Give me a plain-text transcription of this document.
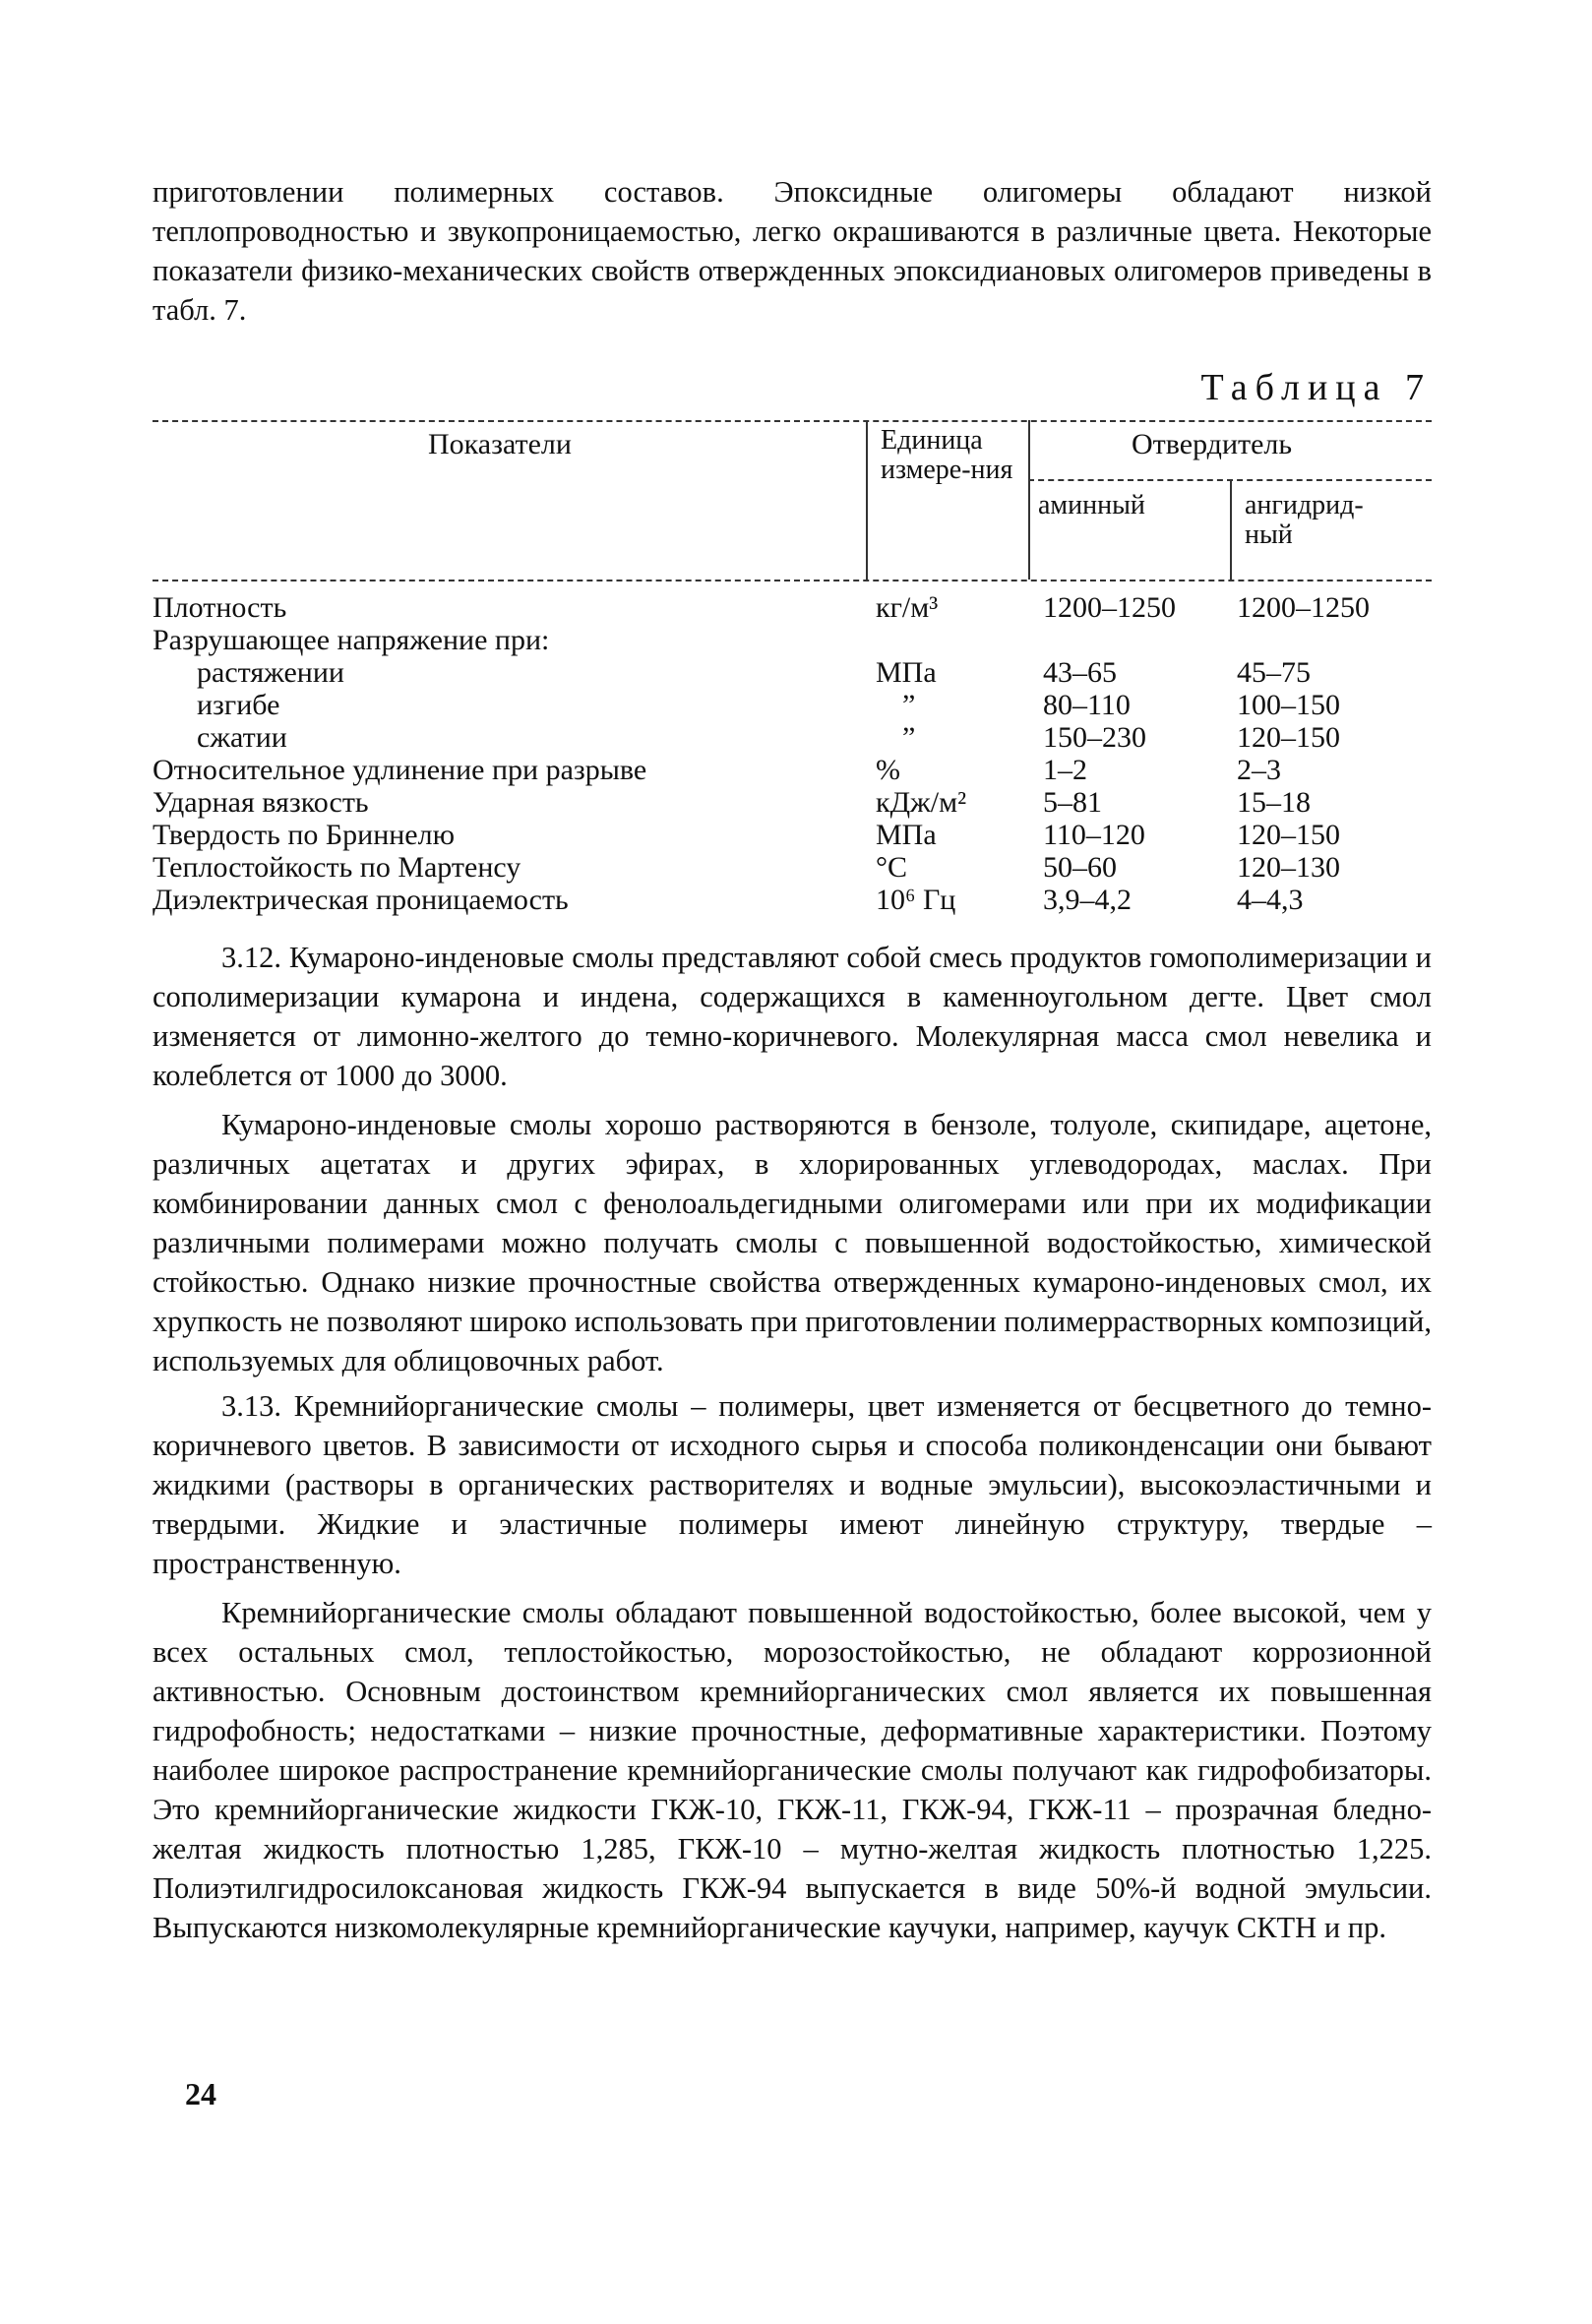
приготовлении полимерных составов. Эпоксидные олигомеры обладают низкой теплопроводностью и звукопроницаемостью, легко окрашиваются в различные цвета. Некоторые показатели физико-механических свойств отвержденных эпоксидиановых олигомеров приведены в табл. 7.

Таблица 7
Показатели	Единица измере-ния
Отвердитель
аминный	ангидрид-ный
Плотность	кг/м³	1200–1250 1200–1250
Разрушающее напряжение при:
растяжении	МПа	43–65	45–75
изгибе	”	80–110	100–150
сжатии	”	150–230	120–150
Относительное удлинение при разрыве	%	1–2	2–3
Ударная вязкость	кДж/м²	5–81	15–18
Твердость по Бриннелю	МПа	110–120	120–150
Теплостойкость по Мартенсу	°С	50–60	120–130
Диэлектрическая проницаемость	10⁶ Гц	3,9–4,2	4–4,3

3.12. Кумароно-инденовые смолы представляют собой смесь продуктов гомополимеризации и сополимеризации кумарона и индена, содержащихся в каменноугольном дегте. Цвет смол изменяется от лимонно-желтого до темно-коричневого. Молекулярная масса смол невелика и колеблется от 1000 до 3000.

Кумароно-инденовые смолы хорошо растворяются в бензоле, толуоле, скипидаре, ацетоне, различных ацетатах и других эфирах, в хлорированных углеводородах, маслах. При комбинировании данных смол с фенолоальдегидными олигомерами или при их модификации различными полимерами можно получать смолы с повышенной водостойкостью, химической стойкостью. Однако низкие прочностные свойства отвержденных кумароно-инденовых смол, их хрупкость не позволяют широко использовать при приготовлении полимеррастворных композиций, используемых для облицовочных работ.

3.13. Кремнийорганические смолы – полимеры, цвет изменяется от бесцветного до темно-коричневого цветов. В зависимости от исходного сырья и способа поликонденсации они бывают жидкими (растворы в органических растворителях и водные эмульсии), высокоэластичными и твердыми. Жидкие и эластичные полимеры имеют линейную структуру, твердые – пространственную.

Кремнийорганические смолы обладают повышенной водостойкостью, более высокой, чем у всех остальных смол, теплостойкостью, морозостойкостью, не обладают коррозионной активностью. Основным достоинством кремнийорганических смол является их повышенная гидрофобность; недостатками – низкие прочностные, деформативные характеристики. Поэтому наиболее широкое распространение кремнийорганические смолы получают как гидрофобизаторы. Это кремнийорганические жидкости ГКЖ-10, ГКЖ-11, ГКЖ-94, ГКЖ-11 – прозрачная бледно-желтая жидкость плотностью 1,285, ГКЖ-10 – мутно-желтая жидкость плотностью 1,225. Полиэтилгидросилоксановая жидкость ГКЖ-94 выпускается в виде 50%-й водной эмульсии. Выпускаются низкомолекулярные кремнийорганические каучуки, например, каучук СКТН и пр.

24
